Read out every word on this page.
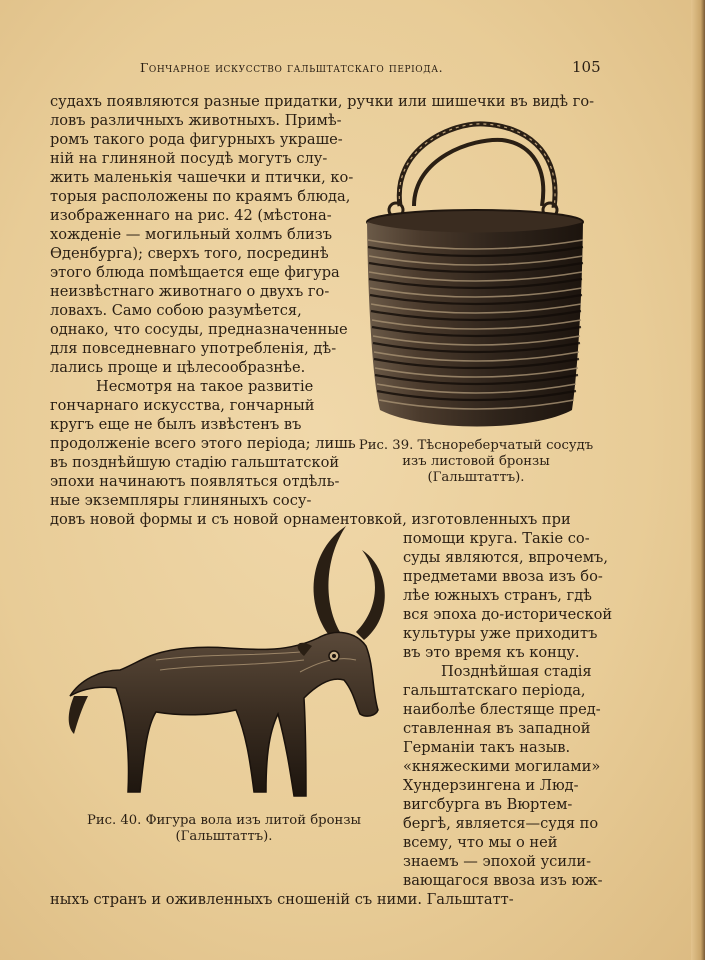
Гончарное искусство гальштатскаго періода.	105
судахъ появляются разные придатки, ручки или шишечки въ видѣ го-
ловъ различныхъ животныхъ. Примѣ-
ромъ такого рода фигурныхъ украше-
ній на глиняной посудѣ могутъ слу-
жить маленькія чашечки и птички, ко-
торыя расположены по краямъ блюда,
изображеннаго на рис. 42 (мѣстона-
хожденіе — могильный холмъ близъ
Ѳденбурга); сверхъ того, посрединѣ
этого блюда помѣщается еще фигура
неизвѣстнаго животнаго о двухъ го-
ловахъ. Само собою разумѣется,
однако, что сосуды, предназначенные
для повседневнаго употребленія, дѣ-
лались проще и цѣлесообразнѣе.
Несмотря на такое развитіе
гончарнаго искусства, гончарный
кругъ еще не былъ извѣстенъ въ
продолженіе всего этого періода; лишь
въ позднѣйшую стадію гальштатской
эпохи начинаютъ появляться отдѣль-
ные экземпляры глиняныхъ сосу-
довъ новой формы и съ новой орнаментовкой, изготовленныхъ при
Рис. 39. Тѣснореберчатый сосудъ
изъ листовой бронзы
(Гальштаттъ).
помощи круга. Такіе со-
суды являются, впрочемъ,
предметами ввоза изъ бо-
лѣе южныхъ странъ, гдѣ
вся эпоха до-исторической
культуры уже приходитъ
въ это время къ концу.
Позднѣйшая стадія
гальштатскаго періода,
наиболѣе блестяще пред-
ставленная въ западной
Германіи такъ назыв.
«княжескими могилами»
Хундерзингена и Люд-
вигсбурга въ Вюртем-
бергѣ, является—судя по
всему, что мы о ней
знаемъ — эпохой усили-
вающагося ввоза изъ юж-
Рис. 40. Фигура вола изъ литой бронзы
(Гальштаттъ).
ныхъ странъ и оживленныхъ сношеній съ ними. Гальштатт-
